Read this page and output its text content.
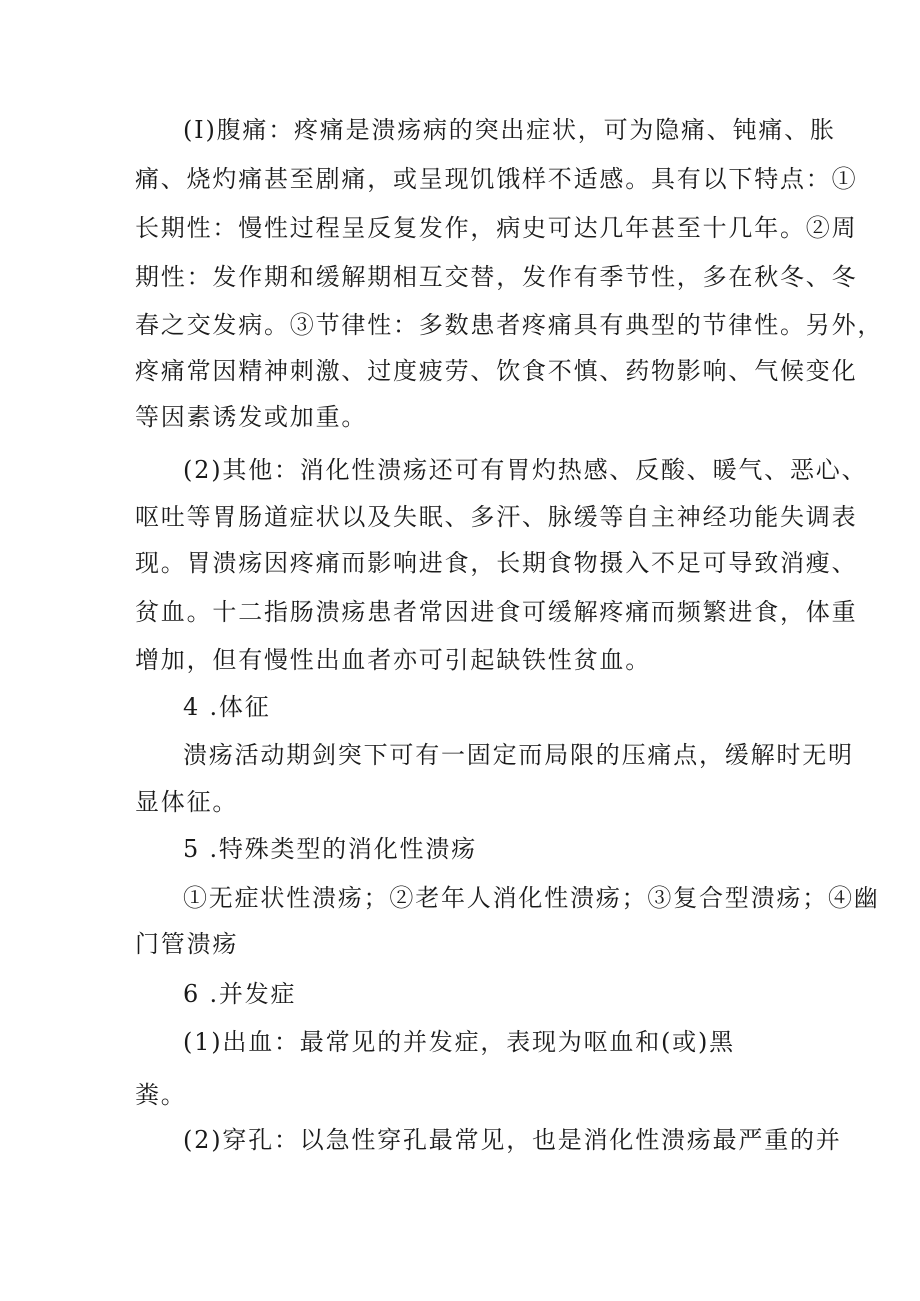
(I)腹痛：疼痛是溃疡病的突出症状，可为隐痛、钝痛、胀
痛、烧灼痛甚至剧痛，或呈现饥饿样不适感。具有以下特点：①
长期性：慢性过程呈反复发作，病史可达几年甚至十几年。②周
期性：发作期和缓解期相互交替，发作有季节性，多在秋冬、冬
春之交发病。③节律性：多数患者疼痛具有典型的节律性。另外，
疼痛常因精神刺激、过度疲劳、饮食不慎、药物影响、气候变化
等因素诱发或加重。
(2)其他：消化性溃疡还可有胃灼热感、反酸、暖气、恶心、
呕吐等胃肠道症状以及失眠、多汗、脉缓等自主神经功能失调表
现。胃溃疡因疼痛而影响进食，长期食物摄入不足可导致消瘦、
贫血。十二指肠溃疡患者常因进食可缓解疼痛而频繁进食，体重
增加，但有慢性出血者亦可引起缺铁性贫血。
4 .体征
溃疡活动期剑突下可有一固定而局限的压痛点，缓解时无明
显体征。
5 .特殊类型的消化性溃疡
①无症状性溃疡；②老年人消化性溃疡；③复合型溃疡；④幽
门管溃疡
6 .并发症
(1)出血：最常见的并发症，表现为呕血和(或)黑
粪。
(2)穿孔：以急性穿孔最常见，也是消化性溃疡最严重的并
